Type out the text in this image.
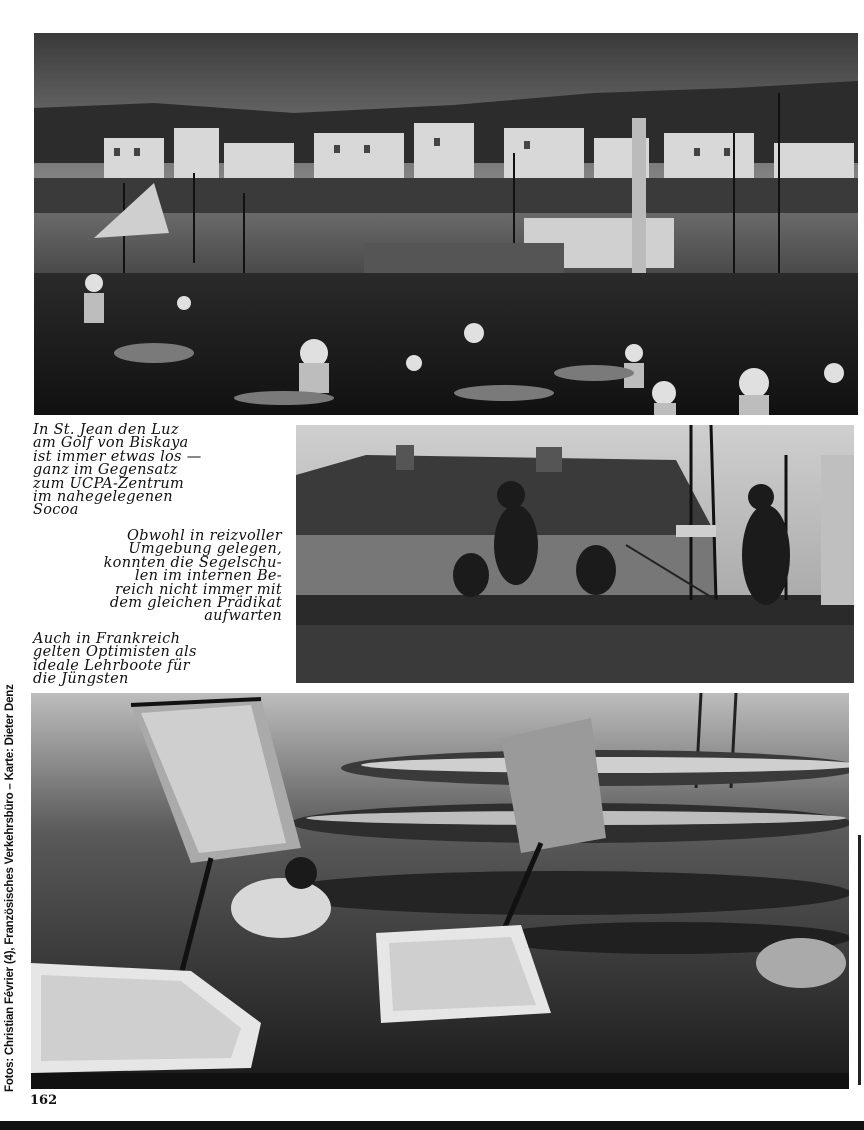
In St. Jean den Luz
am Golf von Biskaya
ist immer etwas los —
ganz im Gegensatz
zum UCPA-Zentrum
im nahegelegenen
Socoa

Obwohl in reizvoller
Umgebung gelegen,
konnten die Segelschu-
len im internen Be-
reich nicht immer mit
dem gleichen Prädikat
aufwarten

Auch in Frankreich
gelten Optimisten als
ideale Lehrboote für
die Jüngsten

Fotos: Christian Février (4), Französisches Verkehrsbüro – Karte: Dieter Denz
162
